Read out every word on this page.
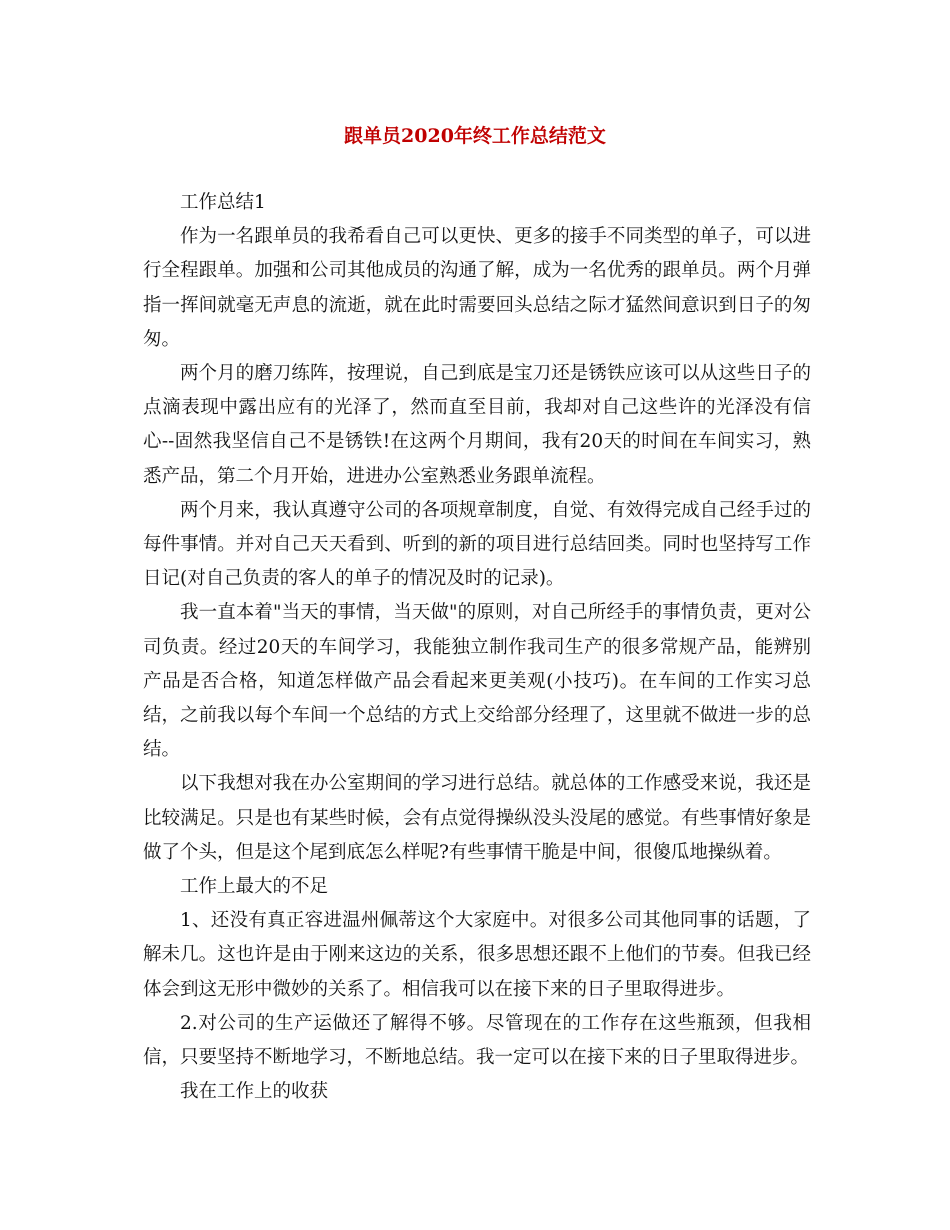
跟单员2020年终工作总结范文

工作总结1

作为一名跟单员的我希看自己可以更快、更多的接手不同类型的单子，可以进行全程跟单。加强和公司其他成员的沟通了解，成为一名优秀的跟单员。两个月弹指一挥间就毫无声息的流逝，就在此时需要回头总结之际才猛然间意识到日子的匆匆。

两个月的磨刀练阵，按理说，自己到底是宝刀还是锈铁应该可以从这些日子的点滴表现中露出应有的光泽了，然而直至目前，我却对自己这些许的光泽没有信心--固然我坚信自己不是锈铁!在这两个月期间，我有20天的时间在车间实习，熟悉产品，第二个月开始，进进办公室熟悉业务跟单流程。

两个月来，我认真遵守公司的各项规章制度，自觉、有效得完成自己经手过的每件事情。并对自己天天看到、听到的新的项目进行总结回类。同时也坚持写工作日记(对自己负责的客人的单子的情况及时的记录)。

我一直本着"当天的事情，当天做"的原则，对自己所经手的事情负责，更对公司负责。经过20天的车间学习，我能独立制作我司生产的很多常规产品，能辨别产品是否合格，知道怎样做产品会看起来更美观(小技巧)。在车间的工作实习总结，之前我以每个车间一个总结的方式上交给部分经理了，这里就不做进一步的总结。

以下我想对我在办公室期间的学习进行总结。就总体的工作感受来说，我还是比较满足。只是也有某些时候，会有点觉得操纵没头没尾的感觉。有些事情好象是做了个头，但是这个尾到底怎么样呢?有些事情干脆是中间，很傻瓜地操纵着。

工作上最大的不足

1、还没有真正容进温州佩蒂这个大家庭中。对很多公司其他同事的话题，了解未几。这也许是由于刚来这边的关系，很多思想还跟不上他们的节奏。但我已经体会到这无形中微妙的关系了。相信我可以在接下来的日子里取得进步。

2.对公司的生产运做还了解得不够。尽管现在的工作存在这些瓶颈，但我相信，只要坚持不断地学习，不断地总结。我一定可以在接下来的日子里取得进步。

我在工作上的收获
